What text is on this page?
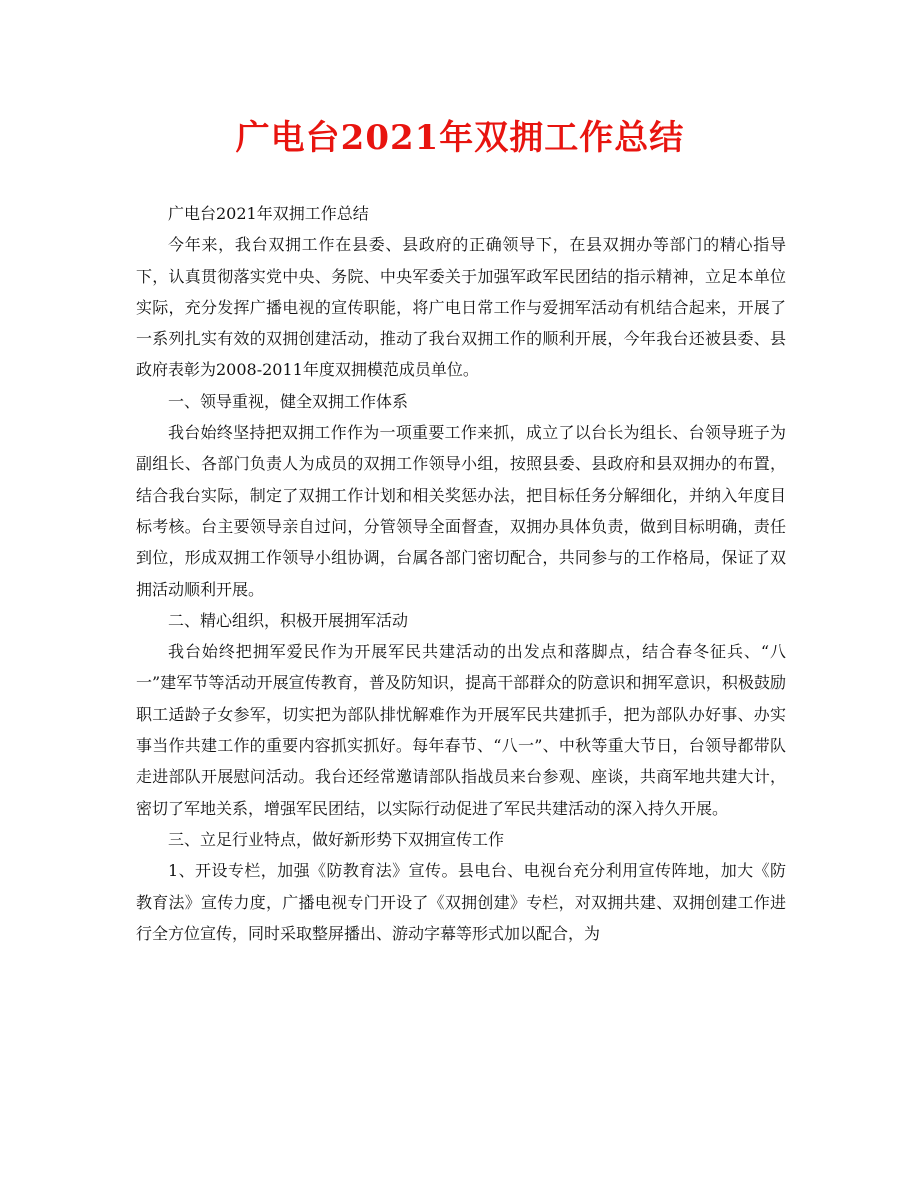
广电台2021年双拥工作总结

广电台2021年双拥工作总结

今年来，我台双拥工作在县委、县政府的正确领导下，在县双拥办等部门的精心指导下，认真贯彻落实党中央、务院、中央军委关于加强军政军民团结的指示精神，立足本单位实际，充分发挥广播电视的宣传职能，将广电日常工作与爱拥军活动有机结合起来，开展了一系列扎实有效的双拥创建活动，推动了我台双拥工作的顺利开展，今年我台还被县委、县政府表彰为2008-2011年度双拥模范成员单位。

一、领导重视，健全双拥工作体系

我台始终坚持把双拥工作作为一项重要工作来抓，成立了以台长为组长、台领导班子为副组长、各部门负责人为成员的双拥工作领导小组，按照县委、县政府和县双拥办的布置，结合我台实际，制定了双拥工作计划和相关奖惩办法，把目标任务分解细化，并纳入年度目标考核。台主要领导亲自过问，分管领导全面督查，双拥办具体负责，做到目标明确，责任到位，形成双拥工作领导小组协调，台属各部门密切配合，共同参与的工作格局，保证了双拥活动顺利开展。

二、精心组织，积极开展拥军活动

我台始终把拥军爱民作为开展军民共建活动的出发点和落脚点，结合春冬征兵、“八一”建军节等活动开展宣传教育，普及防知识，提高干部群众的防意识和拥军意识，积极鼓励职工适龄子女参军，切实把为部队排忧解难作为开展军民共建抓手，把为部队办好事、办实事当作共建工作的重要内容抓实抓好。每年春节、“八一”、中秋等重大节日，台领导都带队走进部队开展慰问活动。我台还经常邀请部队指战员来台参观、座谈，共商军地共建大计，密切了军地关系，增强军民团结，以实际行动促进了军民共建活动的深入持久开展。

三、立足行业特点，做好新形势下双拥宣传工作

1、开设专栏，加强《防教育法》宣传。县电台、电视台充分利用宣传阵地，加大《防教育法》宣传力度，广播电视专门开设了《双拥创建》专栏，对双拥共建、双拥创建工作进行全方位宣传，同时采取整屏播出、游动字幕等形式加以配合，为
